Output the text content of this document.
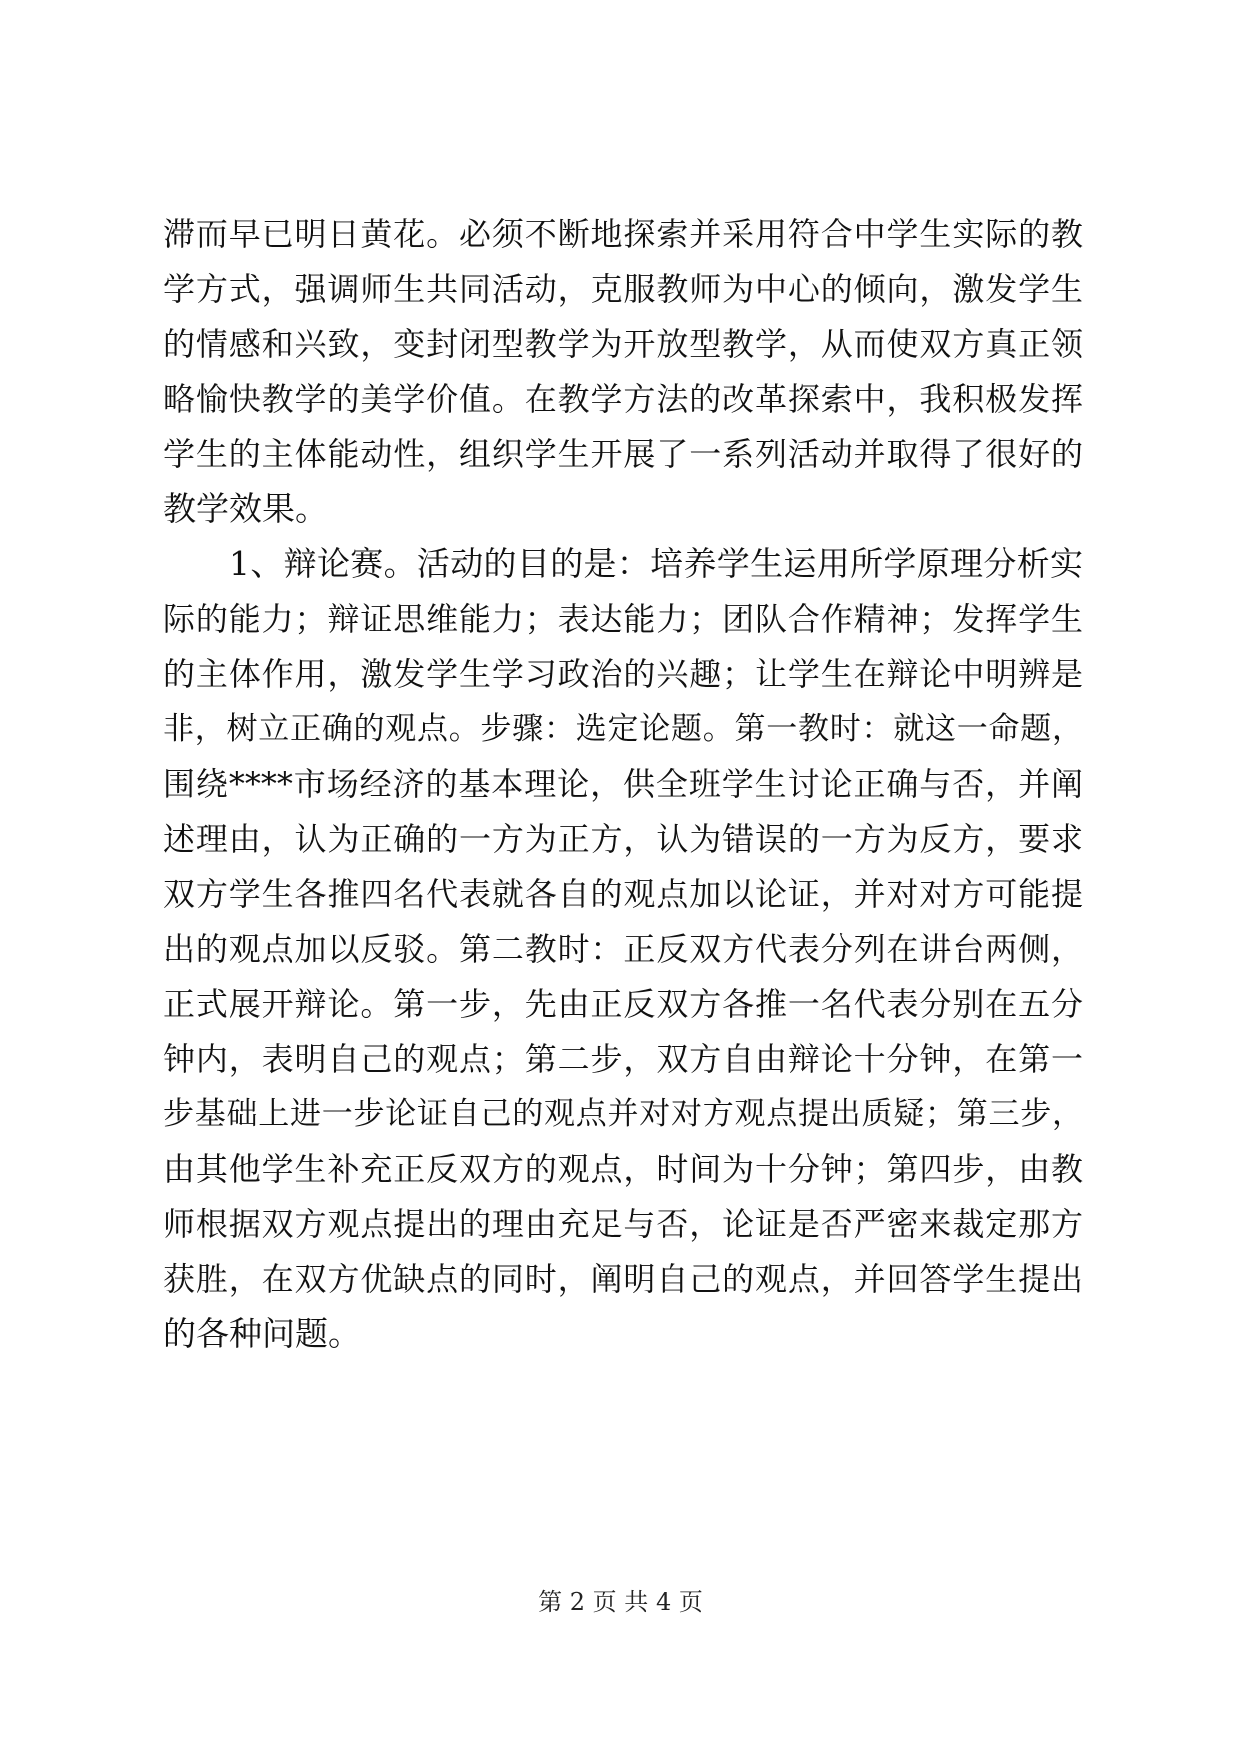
滞而早已明日黄花。必须不断地探索并采用符合中学生实际的教
学方式，强调师生共同活动，克服教师为中心的倾向，激发学生
的情感和兴致，变封闭型教学为开放型教学，从而使双方真正领
略愉快教学的美学价值。在教学方法的改革探索中，我积极发挥
学生的主体能动性，组织学生开展了一系列活动并取得了很好的
教学效果。
1、辩论赛。活动的目的是：培养学生运用所学原理分析实
际的能力；辩证思维能力；表达能力；团队合作精神；发挥学生
的主体作用，激发学生学习政治的兴趣；让学生在辩论中明辨是
非，树立正确的观点。步骤：选定论题。第一教时：就这一命题，
围绕****市场经济的基本理论，供全班学生讨论正确与否，并阐
述理由，认为正确的一方为正方，认为错误的一方为反方，要求
双方学生各推四名代表就各自的观点加以论证，并对对方可能提
出的观点加以反驳。第二教时：正反双方代表分列在讲台两侧，
正式展开辩论。第一步，先由正反双方各推一名代表分别在五分
钟内，表明自己的观点；第二步，双方自由辩论十分钟，在第一
步基础上进一步论证自己的观点并对对方观点提出质疑；第三步，
由其他学生补充正反双方的观点，时间为十分钟；第四步，由教
师根据双方观点提出的理由充足与否，论证是否严密来裁定那方
获胜，在双方优缺点的同时，阐明自己的观点，并回答学生提出
的各种问题。
第 2 页 共 4 页
